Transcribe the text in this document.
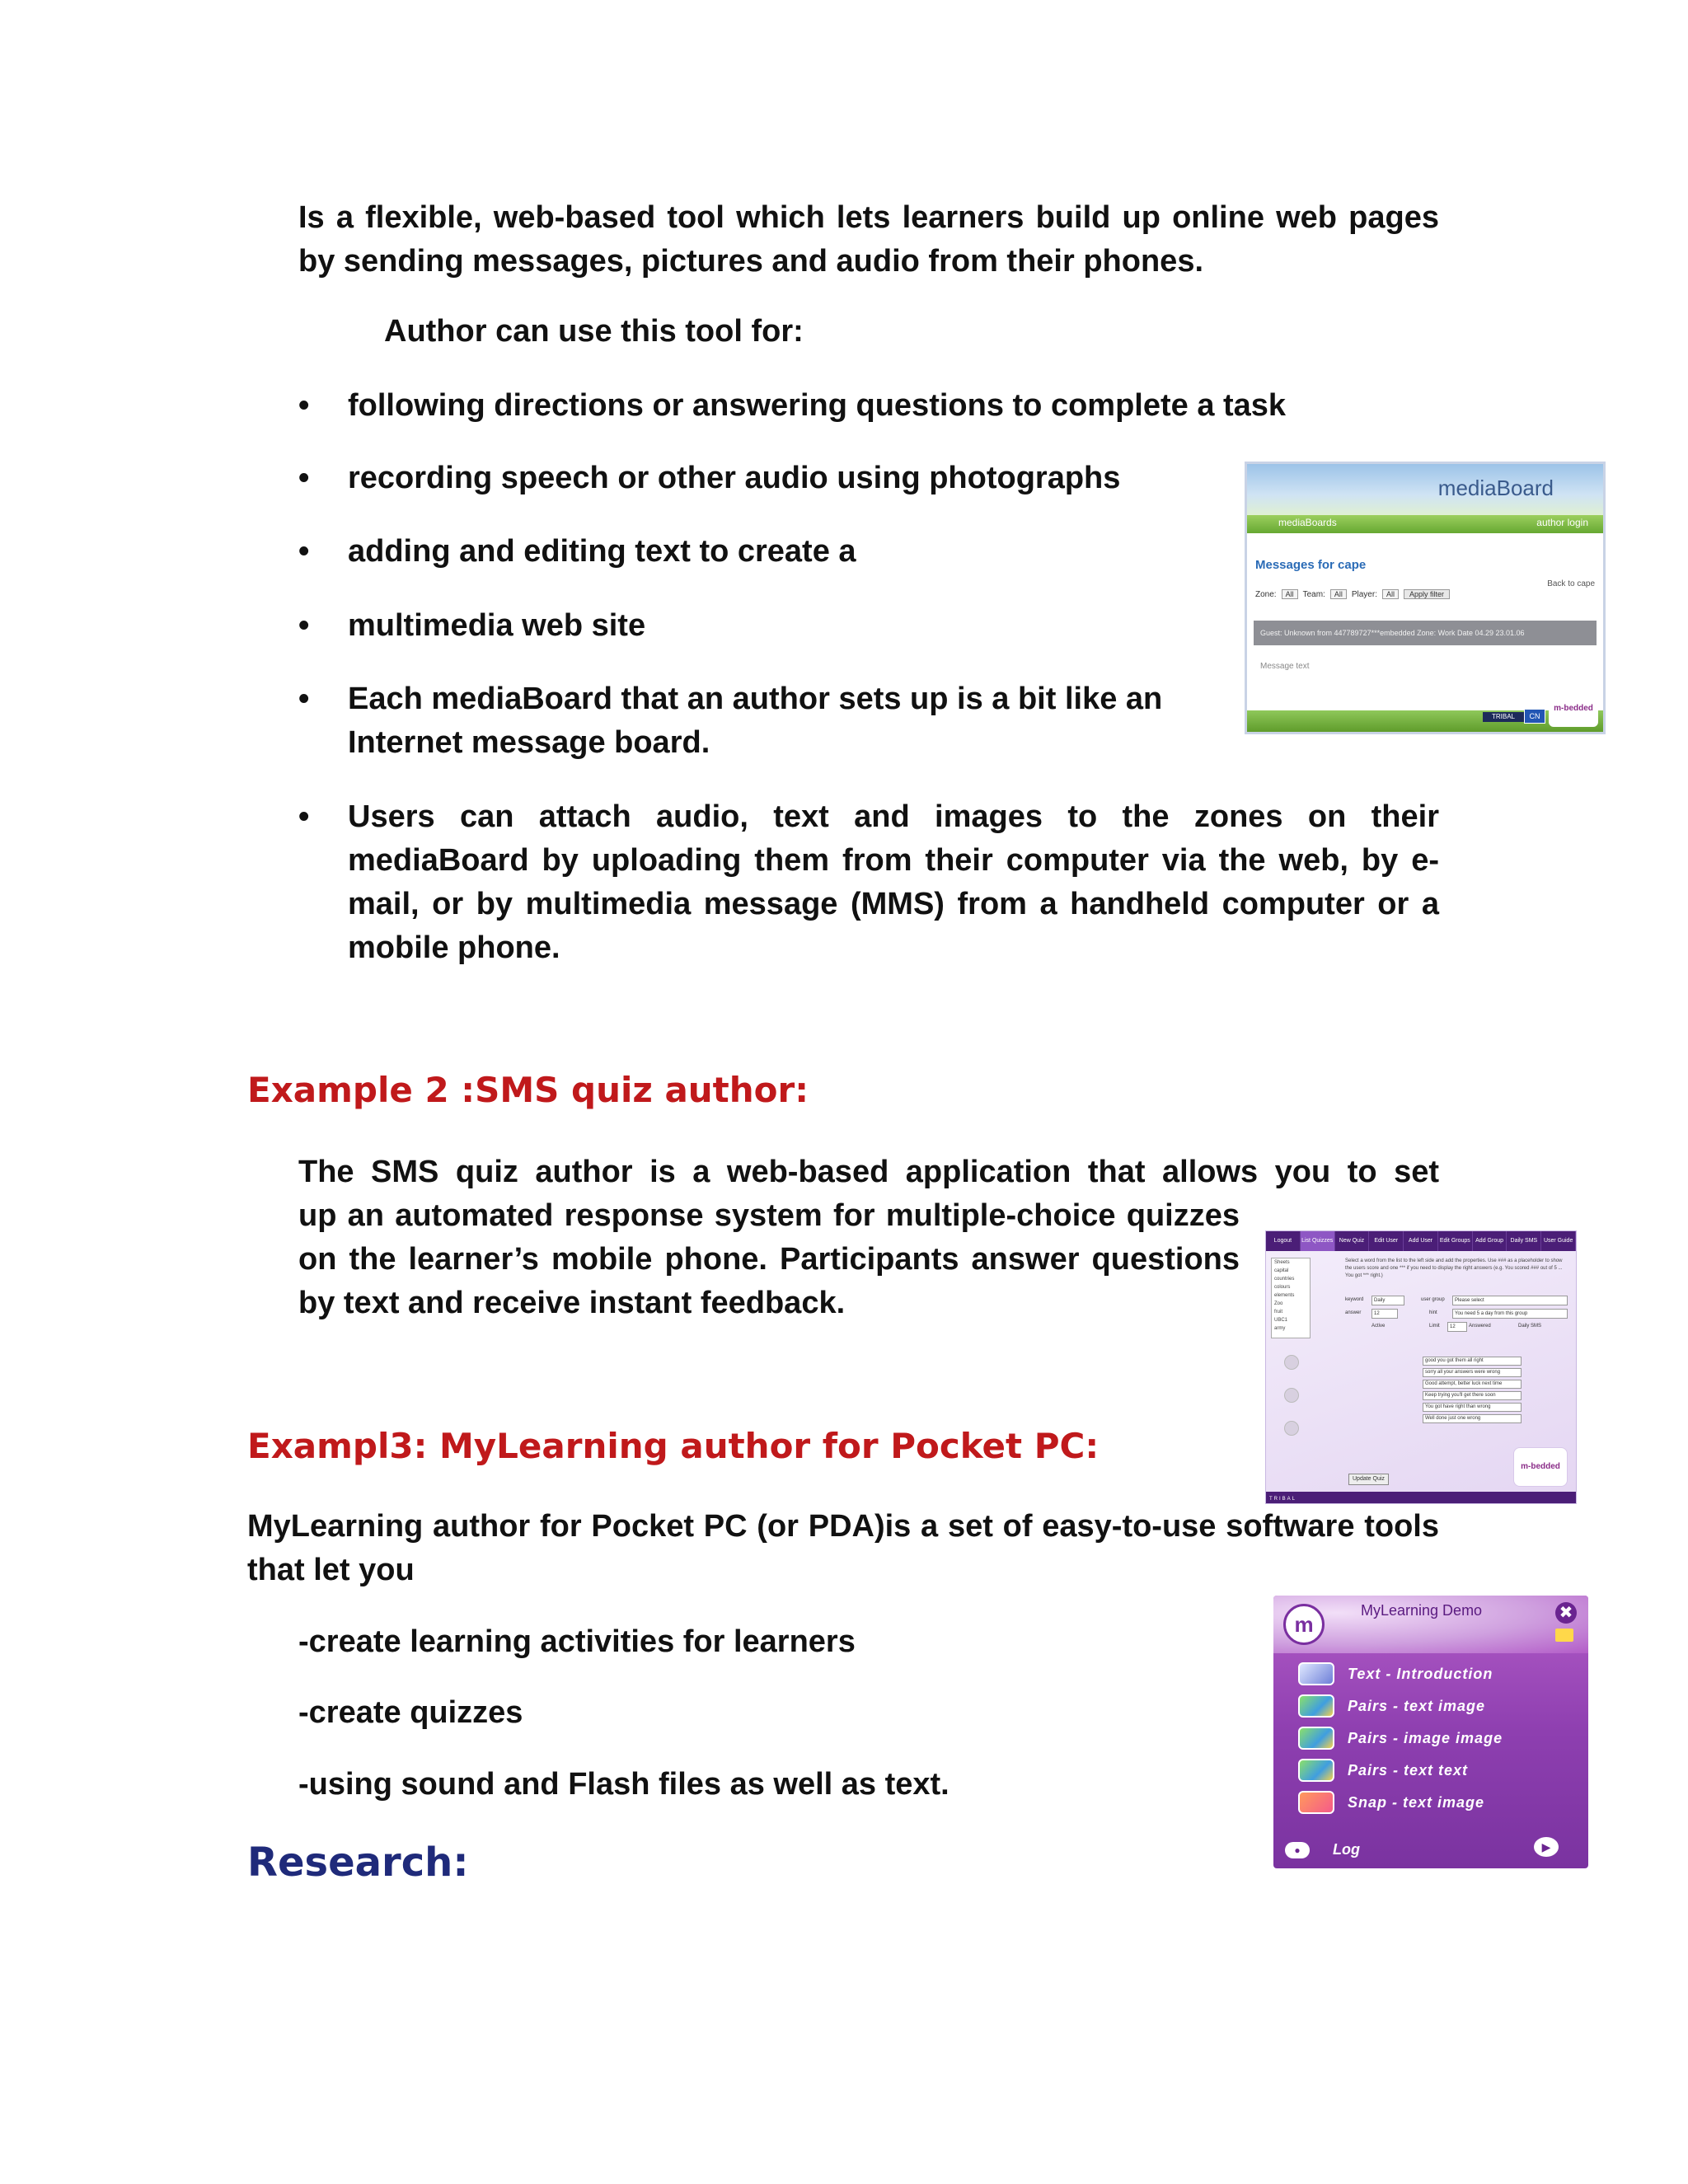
Is a flexible, web-based tool which lets learners build up online web pages by sending messages, pictures and audio from their phones.

Author can use this tool for:

• following directions or answering questions to complete a task

• recording speech or other audio using photographs

• adding and editing text to create a

• multimedia web site

• Each mediaBoard that an author sets up is a bit like an Internet message board.

• Users can attach audio, text and images to the zones on their mediaBoard by uploading them from their computer via the web, by e-mail, or by multimedia message (MMS) from a handheld computer or a mobile phone.

mediaBoard
mediaBoards	author login
Messages for cape
Back to cape
Zone:	All	Team:	All	Player:	All	Apply filter
Guest: Unknown from 447789727***embedded Zone: Work Date 04.29 23.01.06
Message text
TRIBAL	CN
m-bedded

Example 2 :SMS quiz author:

The SMS quiz author is a web-based application that allows you to set

up an automated response system for multiple-choice quizzes on the learner’s mobile phone. Participants answer questions by text and receive instant feedback.

Logout	List Quizzes	New Quiz	Edit User	Add User	Edit Groups Add Group	Daily SMS	User Guide
Sheets
capital
countries
colours
elements
Zoo
fruit
UBC1
army
Select a word from the list to the left side and add the properties. Use ### as a placeholder to show the users score and one *** if you need to display the right answers (e.g. You scored ### out of 5 ... You got *** right.)
keyword	Daily
answer	12
Active
user group	Please select
hint	You need 5 a day from this group
Limit	12	Answered	Daily SMS
good you got them all right
sorry all your answers were wrong
Good attempt, better luck next time
Keep trying you'll get there soon
You got have right than wrong
Well done just one wrong
Update Quiz
m-bedded
TRIBAL

Exampl3: MyLearning author for Pocket PC:

MyLearning author for Pocket PC (or PDA)is a set of easy-to-use software tools that let you

-create learning activities for learners

-create quizzes

-using sound and Flash files as well as text.

m
MyLearning Demo	✖
Text - Introduction
Pairs - text image
Pairs - image image
Pairs - text text
Snap - text image
●	Log	▶

Research:
